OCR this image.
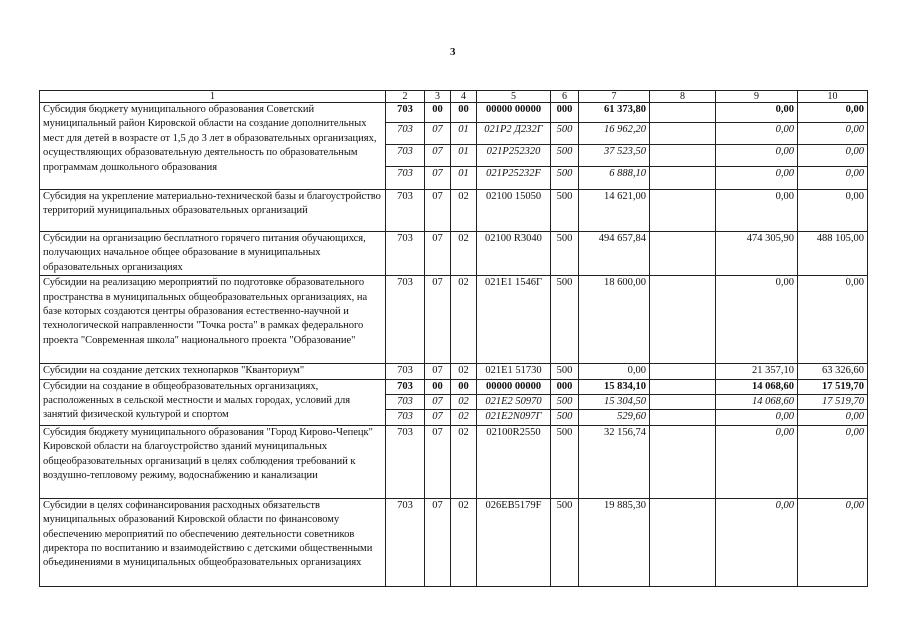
3
1	2	3	4	5	6	7	8	9	10
Субсидия бюджету муниципального образования Советский муниципальный район Кировской области на создание дополнительных мест для детей в возрасте от 1,5 до 3 лет в образовательных организациях, осуществляющих образовательную деятельность по образовательным программам дошкольного образования	703	00	00	00000 00000	000	61 373,80		0,00	0,00
	703	07	01	021P2 Д232Г	500	16 962,20		0,00	0,00
	703	07	01	021P252320	500	37 523,50		0,00	0,00
	703	07	01	021P25232F	500	6 888,10		0,00	0,00
Субсидия на укрепление материально-технической базы и благоустройство территорий муниципальных образовательных организаций	703	07	02	02100 15050	500	14 621,00		0,00	0,00
Субсидии на организацию бесплатного горячего питания обучающихся, получающих начальное общее образование в муниципальных образовательных организациях	703	07	02	02100 R3040	500	494 657,84		474 305,90	488 105,00
Субсидии на реализацию мероприятий по подготовке образовательного пространства в муниципальных общеобразовательных организациях, на базе которых создаются центры образования естественно-научной и технологической направленности "Точка роста" в рамках федерального проекта "Современная школа" национального проекта "Образование"	703	07	02	021E1 1546Г	500	18 600,00		0,00	0,00
Субсидии на создание детских технопарков "Кванториум"	703	07	02	021E1 51730	500	0,00		21 357,10	63 326,60
Субсидии на создание в общеобразовательных организациях, расположенных в сельской местности и малых городах, условий для занятий физической культурой и спортом	703	00	00	00000 00000	000	15 834,10		14 068,60	17 519,70
	703	07	02	021E2 50970	500	15 304,50		14 068,60	17 519,70
	703	07	02	021E2N097Г	500	529,60		0,00	0,00
Субсидия бюджету муниципального образования "Город Кирово-Чепецк" Кировской области на благоустройство зданий муниципальных общеобразовательных организаций в целях соблюдения требований к воздушно-тепловому режиму, водоснабжению и канализации	703	07	02	02100R2550	500	32 156,74		0,00	0,00
Субсидии в целях софинансирования расходных обязательств муниципальных образований Кировской области по финансовому обеспечению мероприятий по обеспечению деятельности советников директора по воспитанию и взаимодействию с детскими общественными объединениями в муниципальных общеобразовательных организациях	703	07	02	026EB5179F	500	19 885,30		0,00	0,00
